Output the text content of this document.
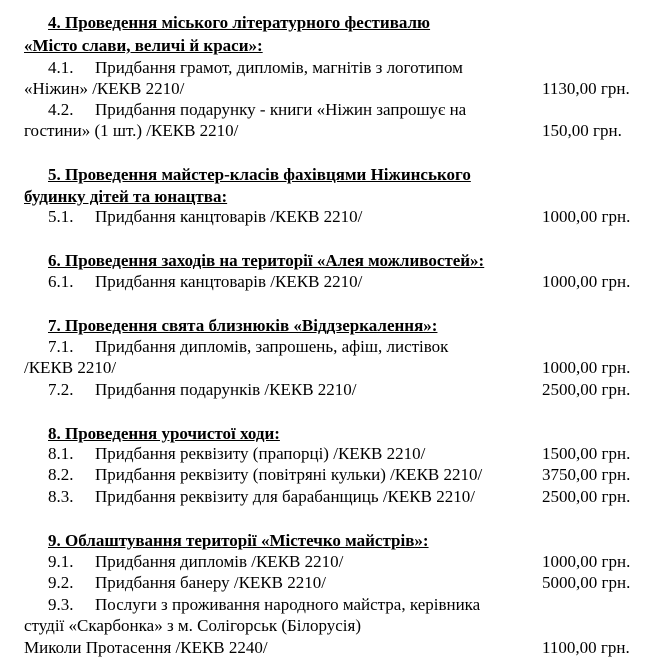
4. Проведення міського літературного фестивалю
«Місто слави, величі й краси»:
4.1. Придбання грамот, дипломів, магнітів з логотипом
«Ніжин» /КЕКВ 2210/	1130,00 грн.
4.2. Придбання подарунку - книги «Ніжин запрошує на
гостини» (1 шт.) /КЕКВ 2210/	150,00 грн.
5. Проведення майстер-класів фахівцями Ніжинського
будинку дітей та юнацтва:
5.1. Придбання канцтоварів /КЕКВ 2210/	1000,00 грн.
6. Проведення заходів на території «Алея можливостей»:
6.1. Придбання канцтоварів /КЕКВ 2210/	1000,00 грн.
7. Проведення свята близнюків «Віддзеркалення»:
7.1. Придбання дипломів, запрошень, афіш, листівок
/КЕКВ 2210/	1000,00 грн.
7.2. Придбання подарунків /КЕКВ 2210/	2500,00 грн.
8. Проведення урочистої ходи:
8.1. Придбання реквізиту (прапорці) /КЕКВ 2210/	1500,00 грн.
8.2. Придбання реквізиту (повітряні кульки) /КЕКВ 2210/	3750,00 грн.
8.3. Придбання реквізиту для барабанщиць /КЕКВ 2210/	2500,00 грн.
9. Облаштування території «Містечко майстрів»:
9.1. Придбання дипломів /КЕКВ 2210/	1000,00 грн.
9.2. Придбання банеру /КЕКВ 2210/	5000,00 грн.
9.3. Послуги з проживання народного майстра, керівника
студії «Скарбонка» з м. Солігорськ (Білорусія)
Миколи Протасення /КЕКВ 2240/	1100,00 грн.
